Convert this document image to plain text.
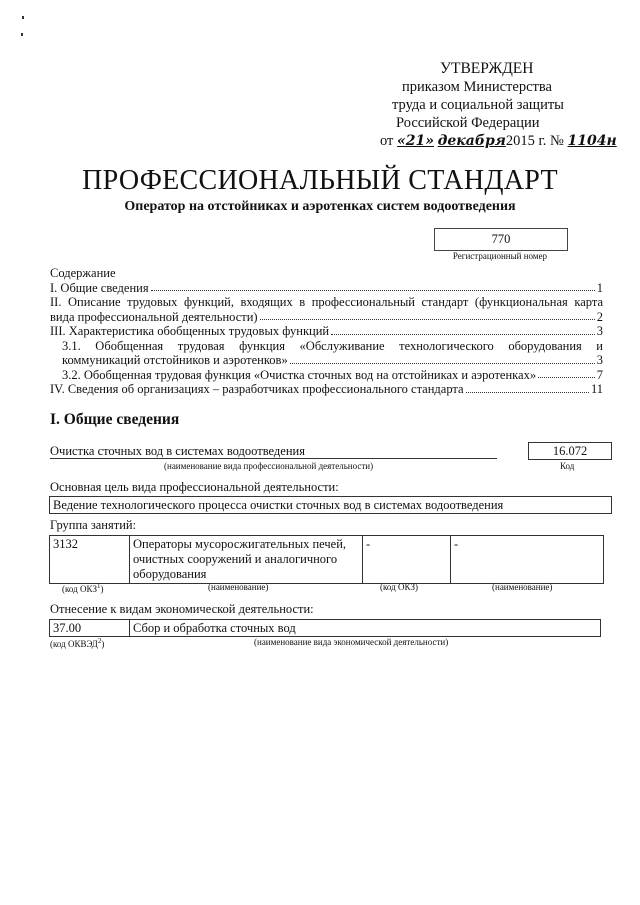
УТВЕРЖДЕН
приказом Министерства
труда и социальной защиты
Российской Федерации
от «21» декабря2015 г. № 1104н
ПРОФЕССИОНАЛЬНЫЙ СТАНДАРТ
Оператор на отстойниках и аэротенках систем водоотведения
770
Регистрационный номер
Содержание
I. Общие сведения	1
II. Описание трудовых функций, входящих в профессиональный стандарт (функциональная карта
вида профессиональной деятельности)	2
III. Характеристика обобщенных трудовых функций	3
3.1. Обобщенная трудовая функция «Обслуживание технологического оборудования и
коммуникаций отстойников и аэротенков»	3
3.2. Обобщенная трудовая функция «Очистка сточных вод на отстойниках и аэротенках»	7
IV. Сведения об организациях – разработчиках профессионального стандарта	11
I. Общие сведения
Очистка сточных вод в системах водоотведения	16.072
(наименование вида профессиональной деятельности)	Код
Основная цель вида профессиональной деятельности:
Ведение технологического процесса очистки сточных вод в системах водоотведения
Группа занятий:
3132	Операторы мусоросжигательных печей, очистных сооружений и аналогичного оборудования	-	-
(код ОКЗ$^1$)	(наименование)	(код ОКЗ)	(наименование)
Отнесение к видам экономической деятельности:
37.00	Сбор и обработка сточных вод
(код ОКВЭД$^2$)	(наименование вида экономической деятельности)
